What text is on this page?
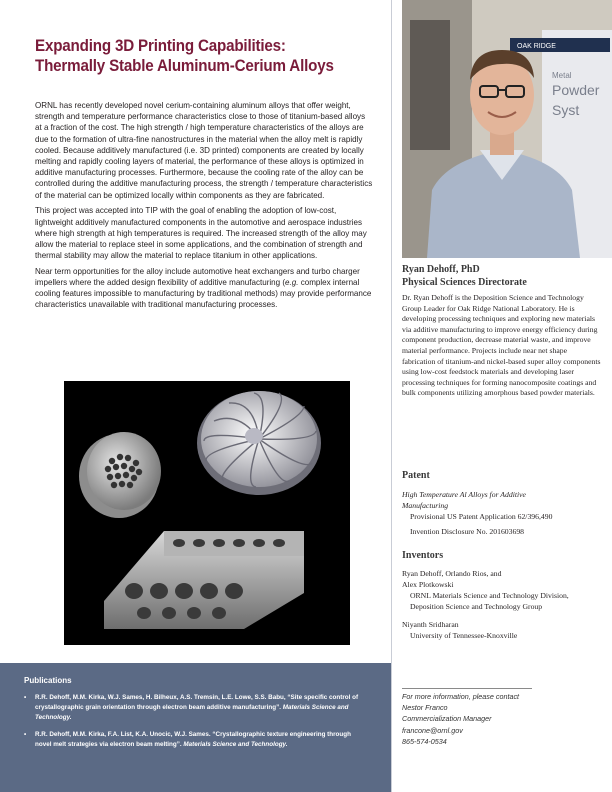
Expanding 3D Printing Capabilities:
Thermally Stable Aluminum-Cerium Alloys

ORNL has recently developed novel cerium-containing aluminum alloys that offer weight, strength and temperature performance characteristics close to those of titanium-based alloys at a fraction of the cost. The high strength / high temperature characteristics of the alloys are due to the formation of ultra-fine nanostructures in the material when the alloy melt is rapidly cooled. Because additively manufactured (i.e. 3D printed) components are created by locally melting and rapidly cooling layers of material, the performance of these alloys is optimized in additive manufacturing processes. Furthermore, because the cooling rate of the alloy can be controlled during the additive manufacturing process, the strength / temperature characteristics of the material can be optimized locally within components as they are fabricated.

This project was accepted into TIP with the goal of enabling the adoption of low-cost, lightweight additively manufactured components in the automotive and aerospace industries where high strength at high temperatures is required. The increased strength of the alloy may allow the material to replace steel in some applications, and the combination of strength and thermal stability may allow the material to replace titanium in other applications.

Near term opportunities for the alloy include automotive heat exchangers and turbo charger impellers where the added design flexibility of additive manufacturing (e.g. complex internal cooling features impossible to manufacturing by traditional methods) may provide performance characteristics unavailable with traditional manufacturing processes.

Publications
• R.R. Dehoff, M.M. Kirka, W.J. Sames, H. Bilheux, A.S. Tremsin, L.E. Lowe, S.S. Babu, “Site specific control of crystallographic grain orientation through electron beam additive manufacturing”. Materials Science and Technology.
• R.R. Dehoff, M.M. Kirka, F.A. List, K.A. Unocic, W.J. Sames. “Crystallographic texture engineering through novel melt strategies via electron beam melting”. Materials Science and Technology.
OAK RIDGE
Metal
Powder
Syst
Ryan Dehoff, PhD
Physical Sciences Directorate
Dr. Ryan Dehoff is the Deposition Science and Technology Group Leader for Oak Ridge National Laboratory. He is developing processing techniques and exploring new materials via additive manufacturing to improve energy efficiency during component production, decrease material waste, and improve material performance. Projects include near net shape fabrication of titanium-and nickel-based super alloy components using low-cost feedstock materials and developing laser processing techniques for forming nanocomposite coatings and bulk components utilizing amorphous based powder materials.
Patent
High Temperature Al Alloys for Additive
Manufacturing
Provisional US Patent Application 62/396,490
Invention Disclosure No. 201603698
Inventors
Ryan Dehoff, Orlando Rios, and
Alex Plotkowski
ORNL Materials Science and Technology Division, Deposition Science and Technology Group
Niyanth Sridharan
University of Tennessee-Knoxville
For more information, please contact
Nestor Franco
Commercialization Manager
francone@ornl.gov
865-574-0534
